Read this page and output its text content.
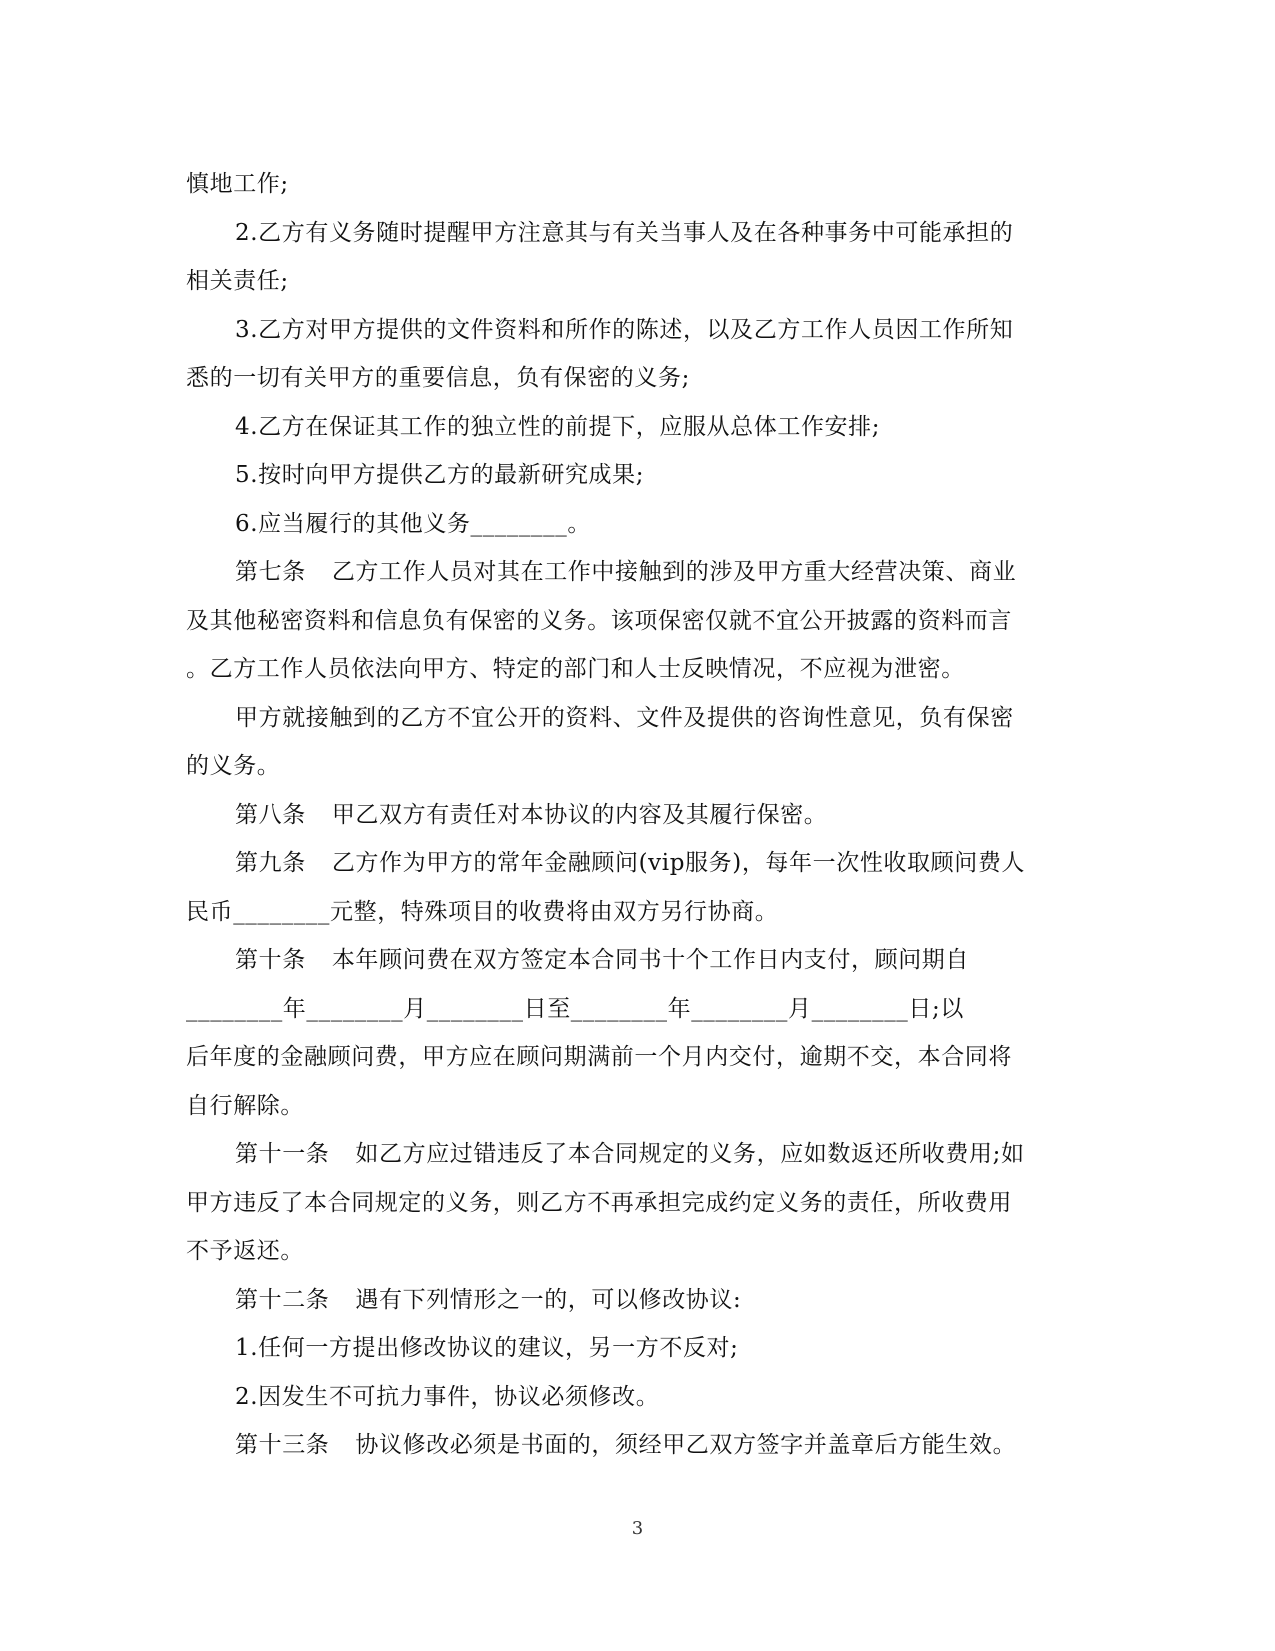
慎地工作;
2.乙方有义务随时提醒甲方注意其与有关当事人及在各种事务中可能承担的
相关责任;
3.乙方对甲方提供的文件资料和所作的陈述，以及乙方工作人员因工作所知
悉的一切有关甲方的重要信息，负有保密的义务;
4.乙方在保证其工作的独立性的前提下，应服从总体工作安排;
5.按时向甲方提供乙方的最新研究成果;
6.应当履行的其他义务________。
第七条 乙方工作人员对其在工作中接触到的涉及甲方重大经营决策、商业
及其他秘密资料和信息负有保密的义务。该项保密仅就不宜公开披露的资料而言
。乙方工作人员依法向甲方、特定的部门和人士反映情况，不应视为泄密。
甲方就接触到的乙方不宜公开的资料、文件及提供的咨询性意见，负有保密
的义务。
第八条 甲乙双方有责任对本协议的内容及其履行保密。
第九条 乙方作为甲方的常年金融顾问(vip服务)，每年一次性收取顾问费人
民币________元整，特殊项目的收费将由双方另行协商。
第十条 本年顾问费在双方签定本合同书十个工作日内支付，顾问期自
________年________月________日至________年________月________日;以
后年度的金融顾问费，甲方应在顾问期满前一个月内交付，逾期不交，本合同将
自行解除。
第十一条 如乙方应过错违反了本合同规定的义务，应如数返还所收费用;如
甲方违反了本合同规定的义务，则乙方不再承担完成约定义务的责任，所收费用
不予返还。
第十二条 遇有下列情形之一的，可以修改协议:
1.任何一方提出修改协议的建议，另一方不反对;
2.因发生不可抗力事件，协议必须修改。
第十三条 协议修改必须是书面的，须经甲乙双方签字并盖章后方能生效。
3
